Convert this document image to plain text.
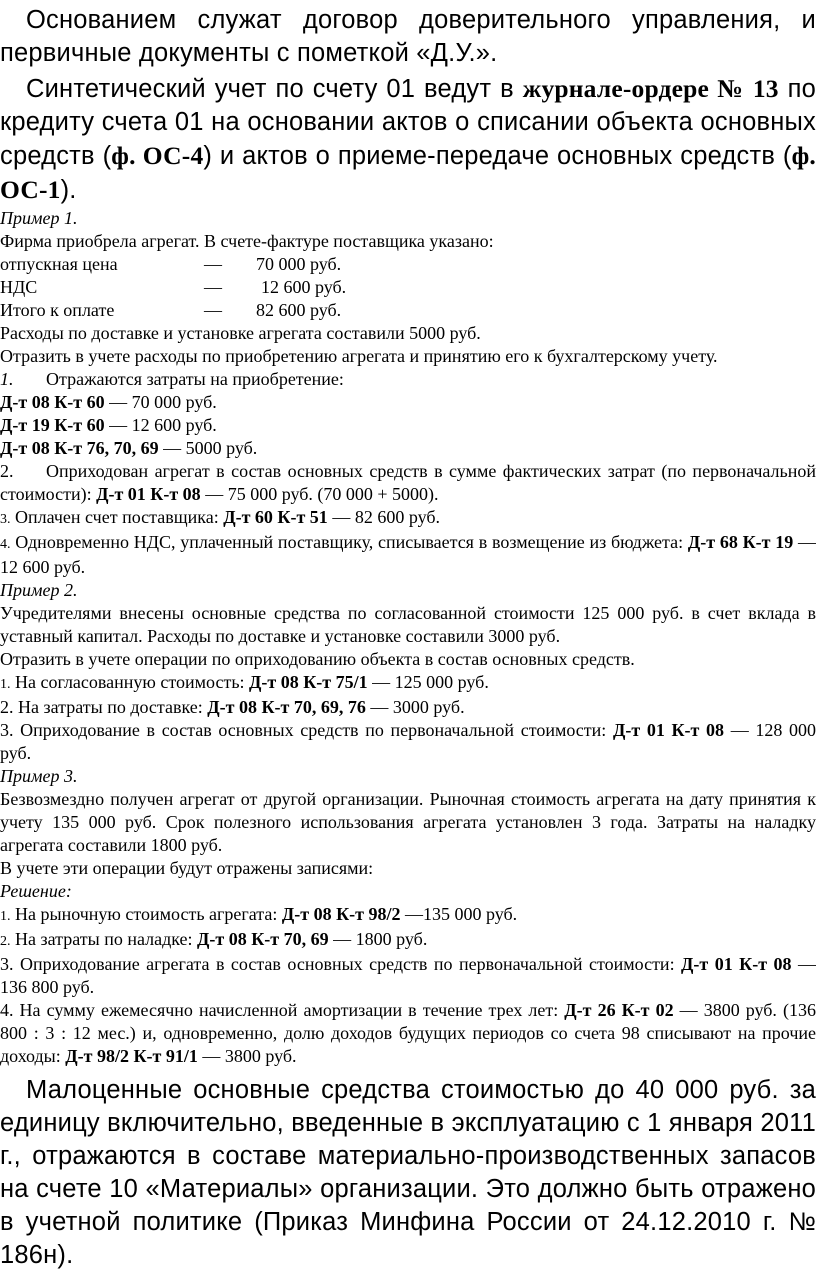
Основанием служат договор доверительного управления, и первичные документы с пометкой «Д.У.».

Синтетический учет по счету 01 ведут в журнале-ордере № 13 по кредиту счета 01 на основании актов о списании объекта основных средств (ф. ОС-4) и актов о приеме-передаче основных средств (ф. ОС-1).

Пример 1.

Фирма приобрела агрегат. В счете-фактуре поставщика указано:

отпускная цена	—	70 000 руб.
НДС	—	12 600 руб.
Итого к оплате	—	82 600 руб.

Расходы по доставке и установке агрегата составили 5000 руб.

Отразить в учете расходы по приобретению агрегата и принятию его к бухгалтерскому учету.

1. Отражаются затраты на приобретение:

Д-т 08 К-т 60 — 70 000 руб.

Д-т 19 К-т 60 — 12 600 руб.

Д-т 08 К-т 76, 70, 69 — 5000 руб.

2. Оприходован агрегат в состав основных средств в сумме фактических затрат (по первоначальной стоимости): Д-т 01 К-т 08 — 75 000 руб. (70 000 + 5000).

3. Оплачен счет поставщика: Д-т 60 К-т 51 — 82 600 руб.

4. Одновременно НДС, уплаченный поставщику, списывается в возмещение из бюджета: Д-т 68 К-т 19 — 12 600 руб.

Пример 2.

Учредителями внесены основные средства по согласованной стоимости 125 000 руб. в счет вклада в уставный капитал. Расходы по доставке и установке составили 3000 руб.

Отразить в учете операции по оприходованию объекта в состав основных средств.

1. На согласованную стоимость: Д-т 08 К-т 75/1 — 125 000 руб.

2. На затраты по доставке: Д-т 08 К-т 70, 69, 76 — 3000 руб.

3. Оприходование в состав основных средств по первоначальной стоимости: Д-т 01 К-т 08 — 128 000 руб.

Пример 3.

Безвозмездно получен агрегат от другой организации. Рыночная стоимость агрегата на дату принятия к учету 135 000 руб. Срок полезного использования агрегата установлен 3 года. Затраты на наладку агрегата составили 1800 руб.

В учете эти операции будут отражены записями:

Решение:

1. На рыночную стоимость агрегата: Д-т 08 К-т 98/2 —135 000 руб.

2. На затраты по наладке: Д-т 08 К-т 70, 69 — 1800 руб.

3. Оприходование агрегата в состав основных средств по первоначальной стоимости: Д-т 01 К-т 08 — 136 800 руб.

4. На сумму ежемесячно начисленной амортизации в течение трех лет: Д-т 26 К-т 02 — 3800 руб. (136 800 : 3 : 12 мес.) и, одновременно, долю доходов будущих периодов со счета 98 списывают на прочие доходы: Д-т 98/2 К-т 91/1 — 3800 руб.

Малоценные основные средства стоимостью до 40 000 руб. за единицу включительно, введенные в эксплуатацию с 1 января 2011 г., отражаются в составе материально-производственных запасов на счете 10 «Материалы» организации. Это должно быть отражено в учетной политике (Приказ Минфина России от 24.12.2010 г. № 186н).
